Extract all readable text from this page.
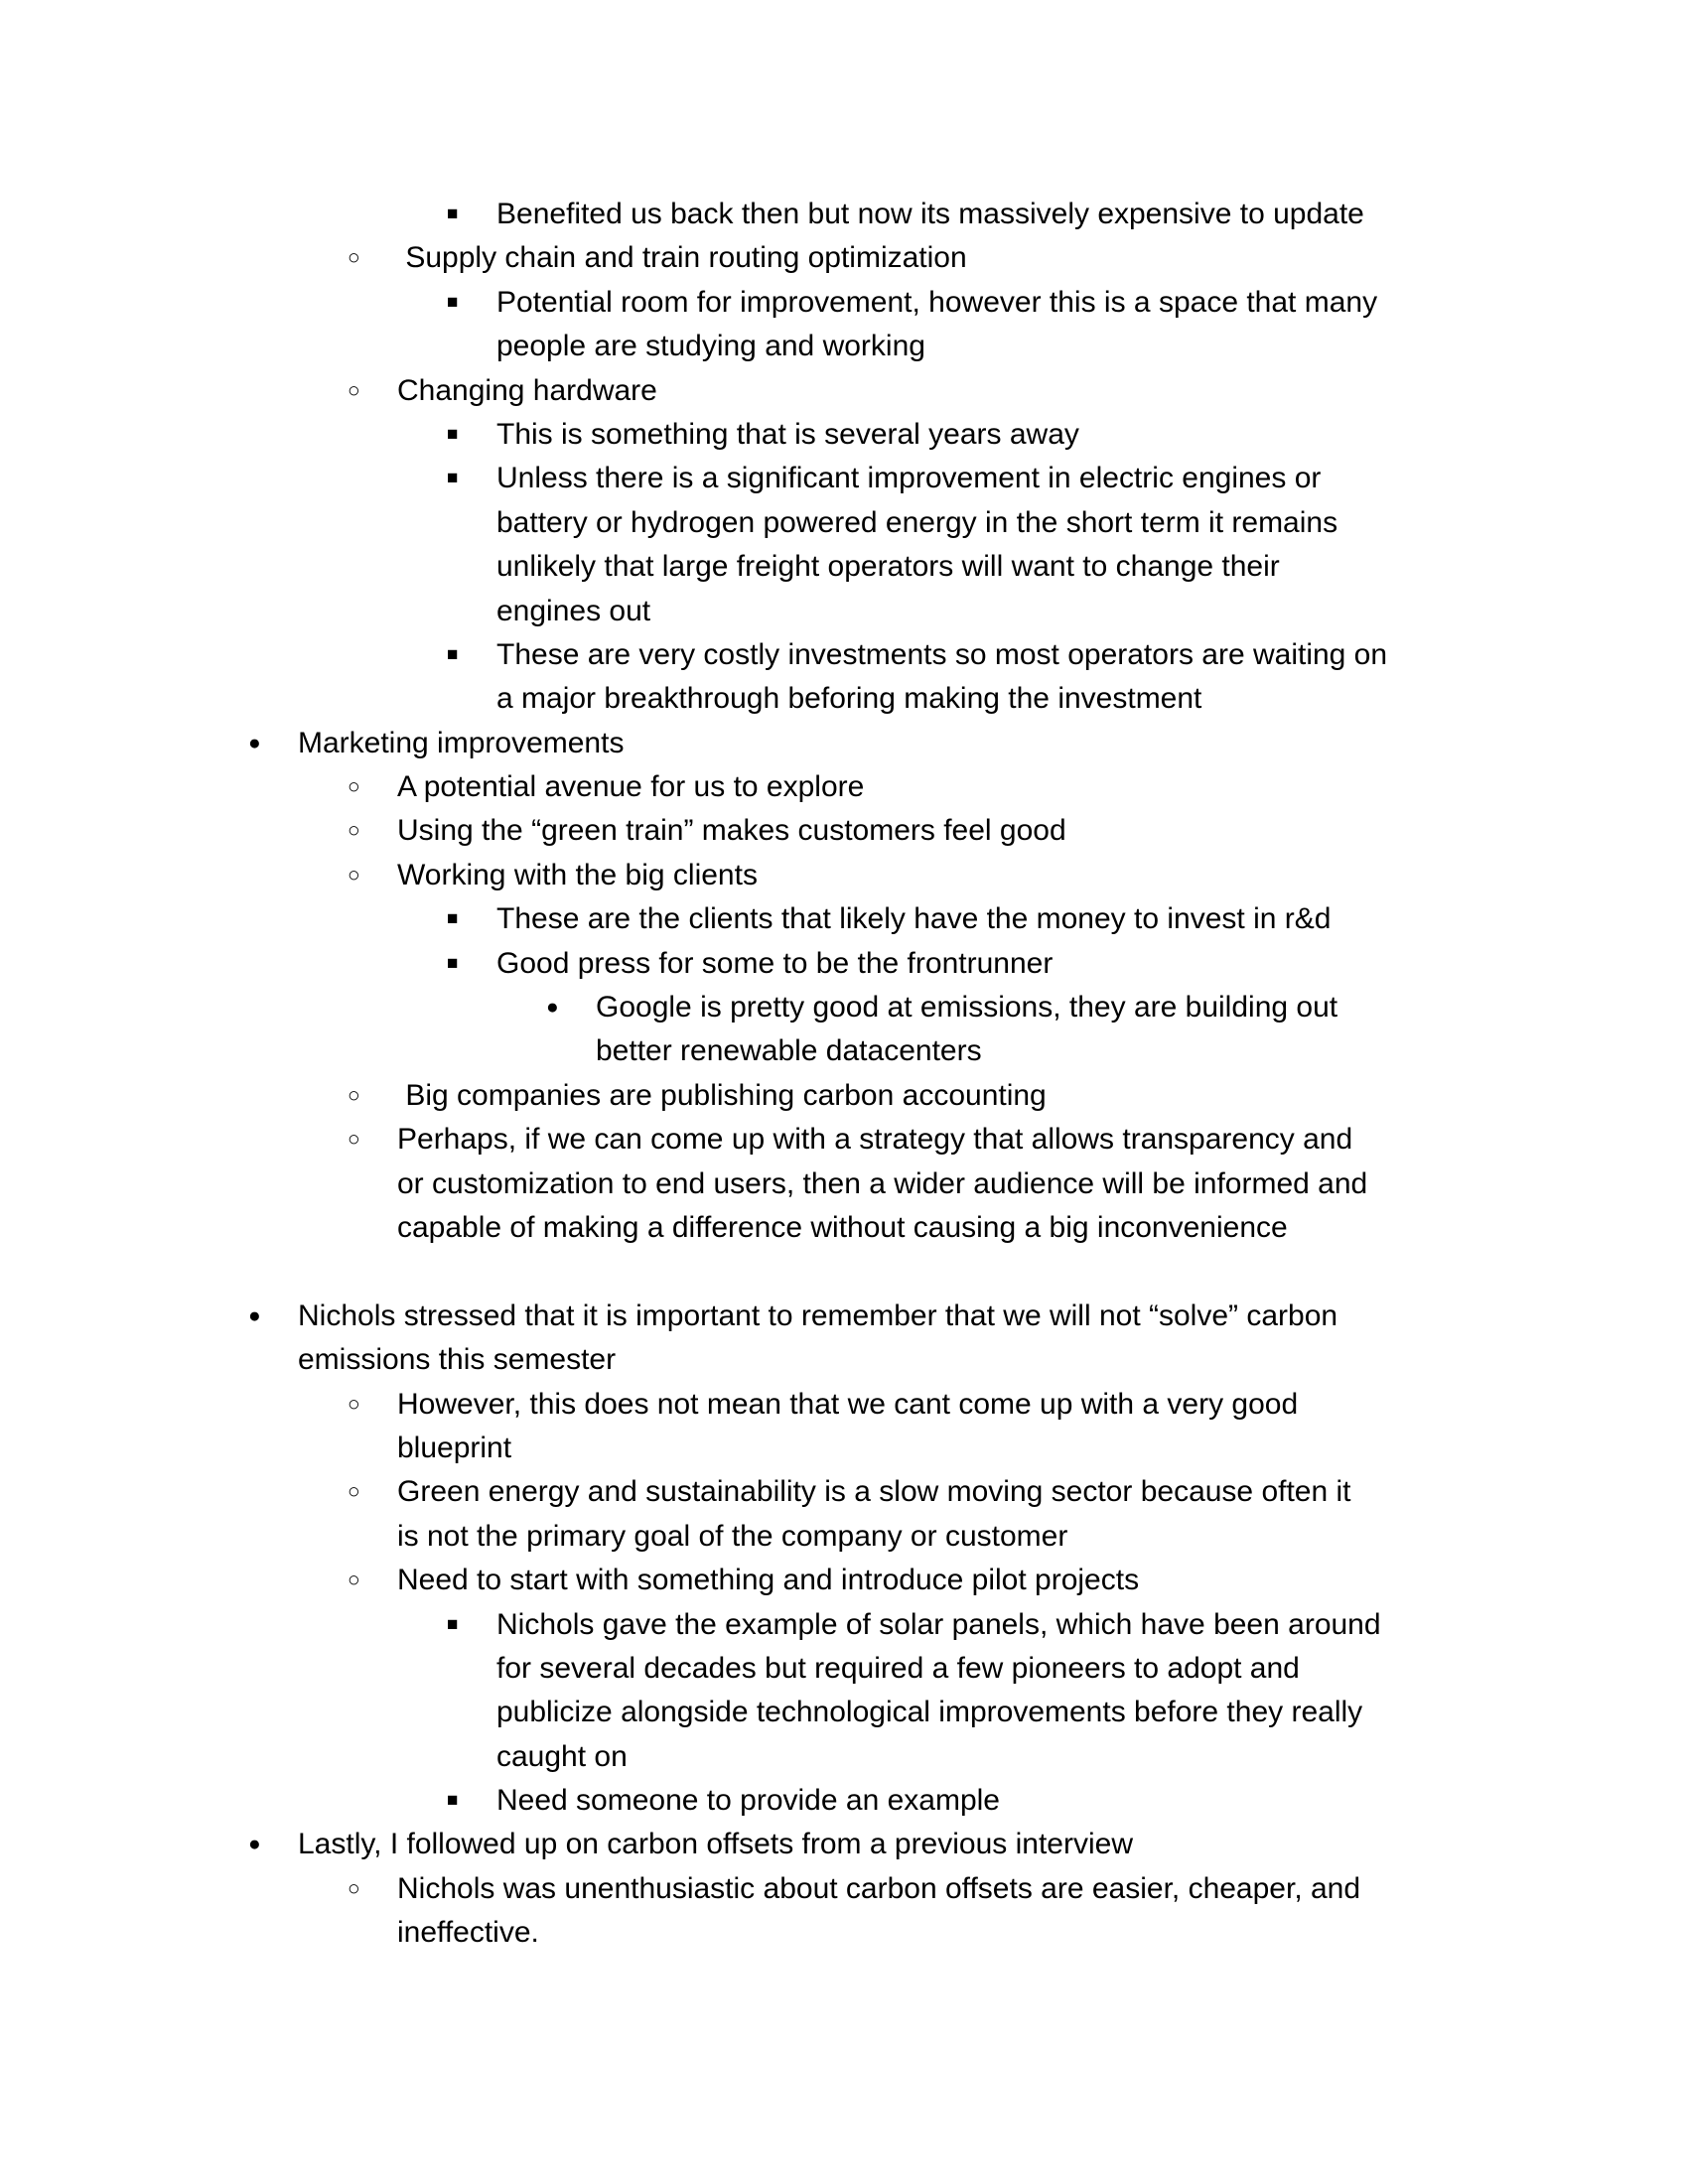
■ Benefited us back then but now its massively expensive to update
○ Supply chain and train routing optimization
■ Potential room for improvement, however this is a space that many
people are studying and working
○ Changing hardware
■ This is something that is several years away
■ Unless there is a significant improvement in electric engines or
battery or hydrogen powered energy in the short term it remains
unlikely that large freight operators will want to change their
engines out
■ These are very costly investments so most operators are waiting on
a major breakthrough beforing making the investment
● Marketing improvements
○ A potential avenue for us to explore
○ Using the “green train” makes customers feel good
○ Working with the big clients
■ These are the clients that likely have the money to invest in r&d
■ Good press for some to be the frontrunner
● Google is pretty good at emissions, they are building out
better renewable datacenters
○ Big companies are publishing carbon accounting
○ Perhaps, if we can come up with a strategy that allows transparency and
or customization to end users, then a wider audience will be informed and
capable of making a difference without causing a big inconvenience
● Nichols stressed that it is important to remember that we will not “solve” carbon
emissions this semester
○ However, this does not mean that we cant come up with a very good
blueprint
○ Green energy and sustainability is a slow moving sector because often it
is not the primary goal of the company or customer
○ Need to start with something and introduce pilot projects
■ Nichols gave the example of solar panels, which have been around
for several decades but required a few pioneers to adopt and
publicize alongside technological improvements before they really
caught on
■ Need someone to provide an example
● Lastly, I followed up on carbon offsets from a previous interview
○ Nichols was unenthusiastic about carbon offsets are easier, cheaper, and
ineffective.
